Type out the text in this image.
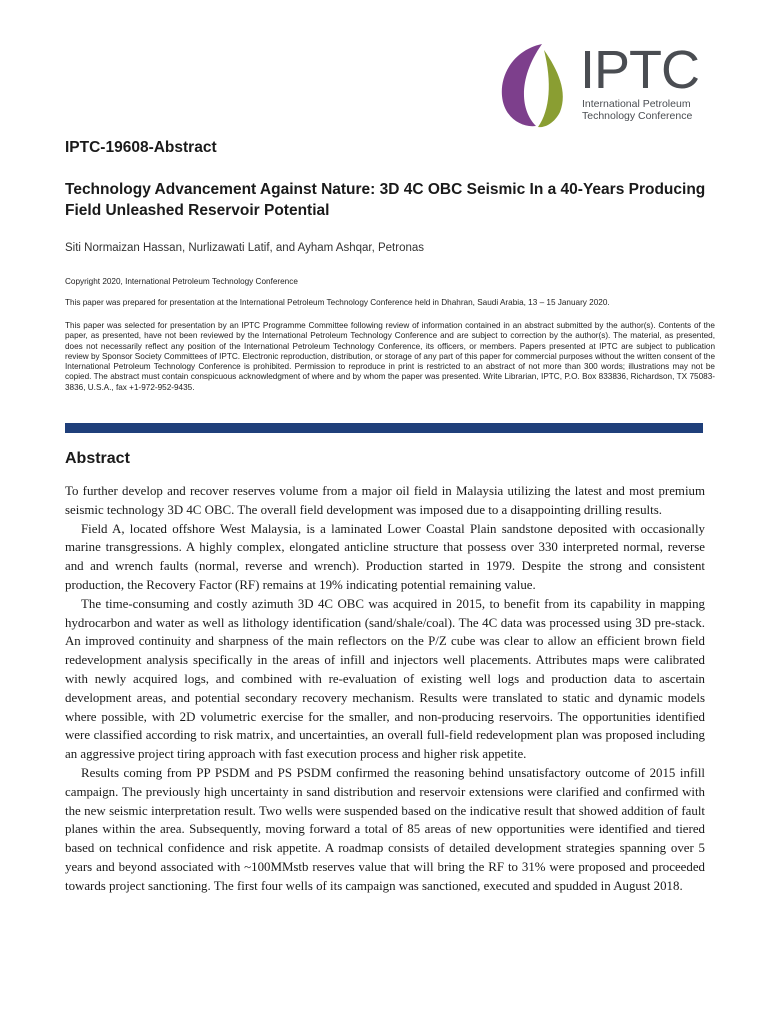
IPTC
International Petroleum
Technology Conference
IPTC-19608-Abstract
Technology Advancement Against Nature: 3D 4C OBC Seismic In a 40-Years Producing Field Unleashed Reservoir Potential

Siti Normaizan Hassan, Nurlizawati Latif, and Ayham Ashqar, Petronas

Copyright 2020, International Petroleum Technology Conference

This paper was prepared for presentation at the International Petroleum Technology Conference held in Dhahran, Saudi Arabia, 13 – 15 January 2020.

This paper was selected for presentation by an IPTC Programme Committee following review of information contained in an abstract submitted by the author(s). Contents of the paper, as presented, have not been reviewed by the International Petroleum Technology Conference and are subject to correction by the author(s). The material, as presented, does not necessarily reflect any position of the International Petroleum Technology Conference, its officers, or members. Papers presented at IPTC are subject to publication review by Sponsor Society Committees of IPTC. Electronic reproduction, distribution, or storage of any part of this paper for commercial purposes without the written consent of the International Petroleum Technology Conference is prohibited. Permission to reproduce in print is restricted to an abstract of not more than 300 words; illustrations may not be copied. The abstract must contain conspicuous acknowledgment of where and by whom the paper was presented. Write Librarian, IPTC, P.O. Box 833836, Richardson, TX 75083-3836, U.S.A., fax +1-972-952-9435.

Abstract

To further develop and recover reserves volume from a major oil field in Malaysia utilizing the latest and most premium seismic technology 3D 4C OBC. The overall field development was imposed due to a disappointing drilling results.

Field A, located offshore West Malaysia, is a laminated Lower Coastal Plain sandstone deposited with occasionally marine transgressions. A highly complex, elongated anticline structure that possess over 330 interpreted normal, reverse and and wrench faults (normal, reverse and wrench). Production started in 1979. Despite the strong and consistent production, the Recovery Factor (RF) remains at 19% indicating potential remaining value.

The time-consuming and costly azimuth 3D 4C OBC was acquired in 2015, to benefit from its capability in mapping hydrocarbon and water as well as lithology identification (sand/shale/coal). The 4C data was processed using 3D pre-stack. An improved continuity and sharpness of the main reflectors on the P/Z cube was clear to allow an efficient brown field redevelopment analysis specifically in the areas of infill and injectors well placements. Attributes maps were calibrated with newly acquired logs, and combined with re-evaluation of existing well logs and production data to ascertain development areas, and potential secondary recovery mechanism. Results were translated to static and dynamic models where possible, with 2D volumetric exercise for the smaller, and non-producing reservoirs. The opportunities identified were classified according to risk matrix, and uncertainties, an overall full-field redevelopment plan was proposed including an aggressive project tiring approach with fast execution process and higher risk appetite.

Results coming from PP PSDM and PS PSDM confirmed the reasoning behind unsatisfactory outcome of 2015 infill campaign. The previously high uncertainty in sand distribution and reservoir extensions were clarified and confirmed with the new seismic interpretation result. Two wells were suspended based on the indicative result that showed addition of fault planes within the area. Subsequently, moving forward a total of 85 areas of new opportunities were identified and tiered based on technical confidence and risk appetite. A roadmap consists of detailed development strategies spanning over 5 years and beyond associated with ~100MMstb reserves value that will bring the RF to 31% were proposed and proceeded towards project sanctioning. The first four wells of its campaign was sanctioned, executed and spudded in August 2018.
